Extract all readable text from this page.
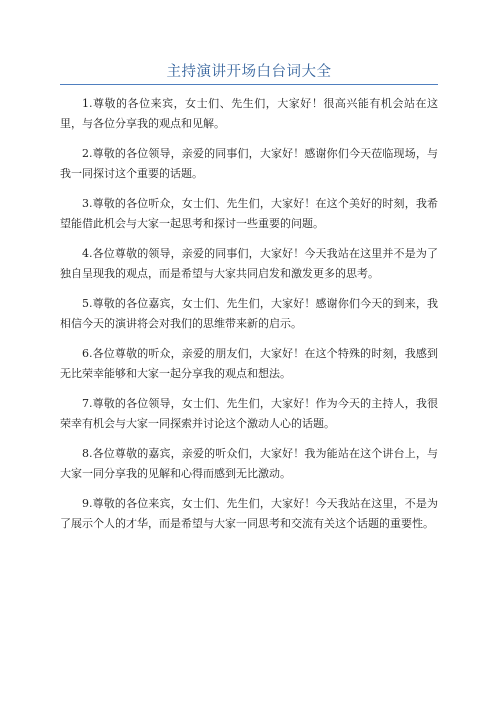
主持演讲开场白台词大全

1.尊敬的各位来宾，女士们、先生们，大家好！很高兴能有机会站在这里，与各位分享我的观点和见解。

2.尊敬的各位领导，亲爱的同事们，大家好！感谢你们今天莅临现场，与我一同探讨这个重要的话题。

3.尊敬的各位听众，女士们、先生们，大家好！在这个美好的时刻，我希望能借此机会与大家一起思考和探讨一些重要的问题。

4.各位尊敬的领导，亲爱的同事们，大家好！今天我站在这里并不是为了独自呈现我的观点，而是希望与大家共同启发和激发更多的思考。

5.尊敬的各位嘉宾，女士们、先生们，大家好！感谢你们今天的到来，我相信今天的演讲将会对我们的思维带来新的启示。

6.各位尊敬的听众，亲爱的朋友们，大家好！在这个特殊的时刻，我感到无比荣幸能够和大家一起分享我的观点和想法。

7.尊敬的各位领导，女士们、先生们，大家好！作为今天的主持人，我很荣幸有机会与大家一同探索并讨论这个激动人心的话题。

8.各位尊敬的嘉宾，亲爱的听众们，大家好！我为能站在这个讲台上，与大家一同分享我的见解和心得而感到无比激动。

9.尊敬的各位来宾，女士们、先生们，大家好！今天我站在这里，不是为了展示个人的才华，而是希望与大家一同思考和交流有关这个话题的重要性。
